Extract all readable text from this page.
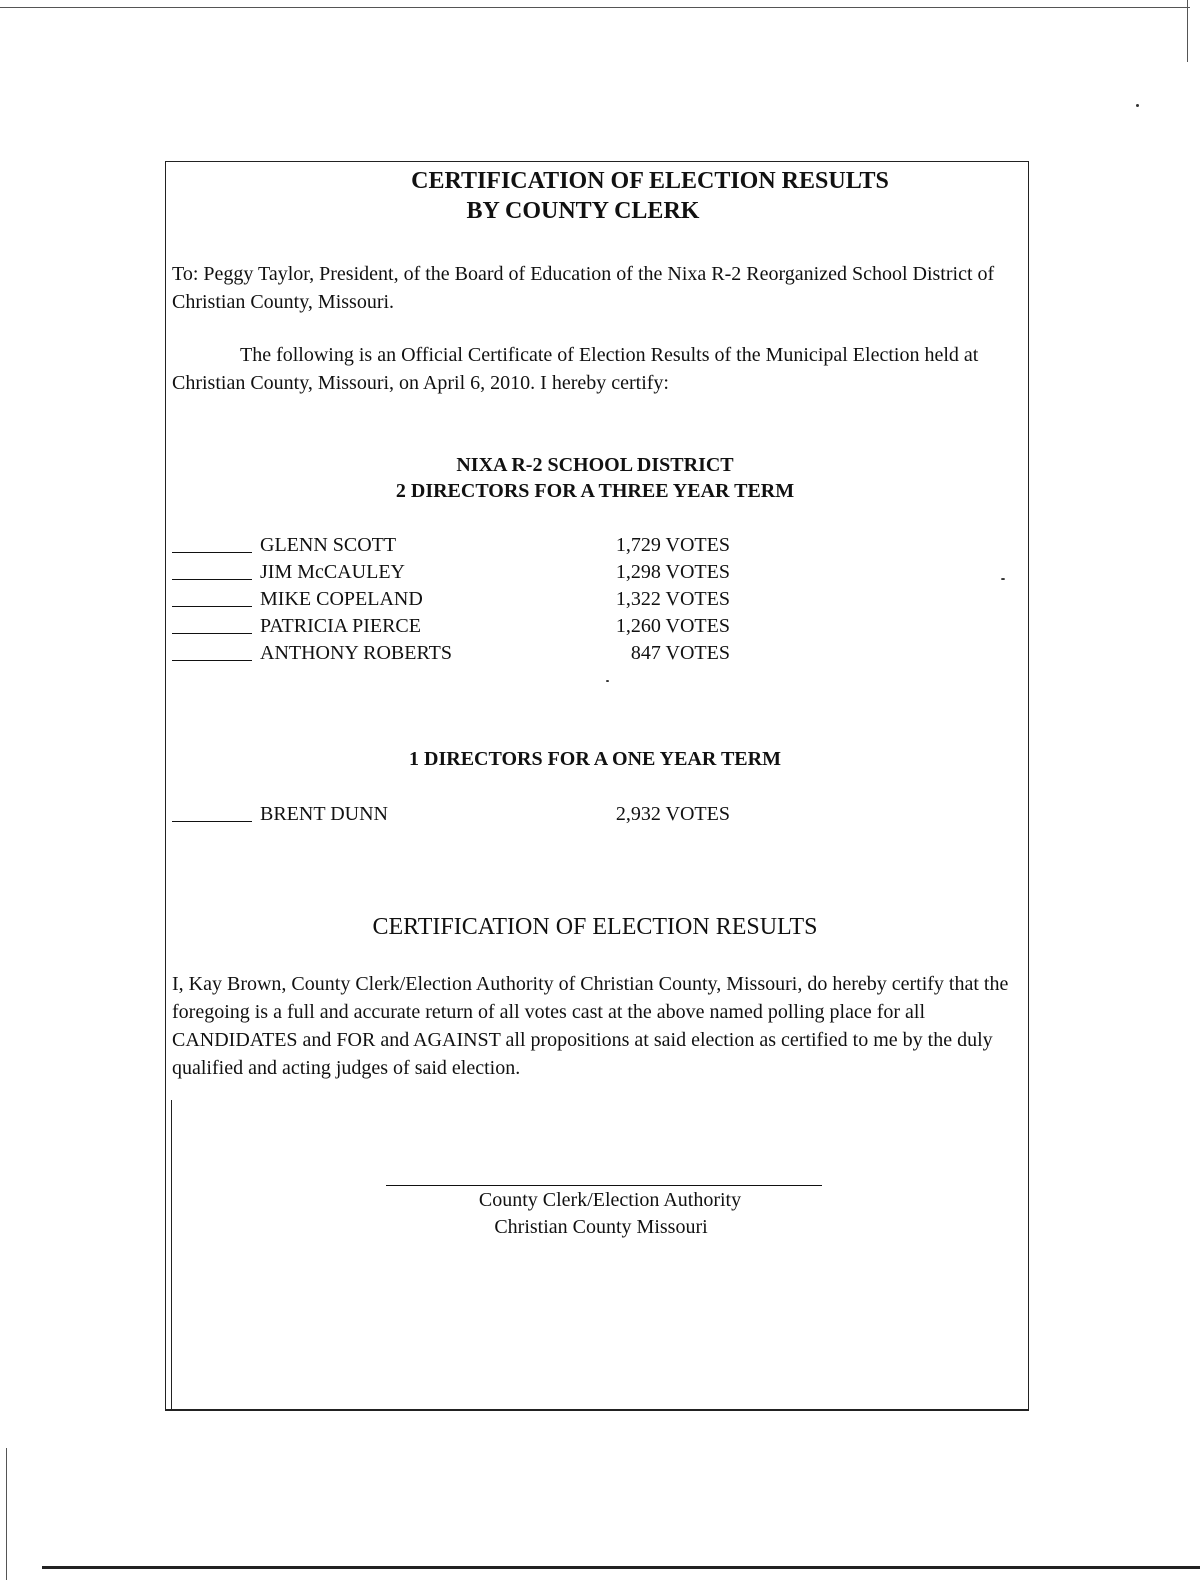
CERTIFICATION OF ELECTION RESULTS
BY COUNTY CLERK

To: Peggy Taylor, President, of the Board of Education of the Nixa R-2 Reorganized School District of Christian County, Missouri.

The following is an Official Certificate of Election Results of the Municipal Election held at Christian County, Missouri, on April 6, 2010. I hereby certify:

NIXA R-2 SCHOOL DISTRICT
2 DIRECTORS FOR A THREE YEAR TERM
GLENN SCOTT	1,729 VOTES
JIM McCAULEY	1,298 VOTES
MIKE COPELAND	1,322 VOTES
PATRICIA PIERCE	1,260 VOTES
ANTHONY ROBERTS	847 VOTES
1 DIRECTORS FOR A ONE YEAR TERM
BRENT DUNN	2,932 VOTES
CERTIFICATION OF ELECTION RESULTS

I, Kay Brown, County Clerk/Election Authority of Christian County, Missouri, do hereby certify that the foregoing is a full and accurate return of all votes cast at the above named polling place for all CANDIDATES and FOR and AGAINST all propositions at said election as certified to me by the duly qualified and acting judges of said election.

County Clerk/Election Authority
Christian County Missouri
